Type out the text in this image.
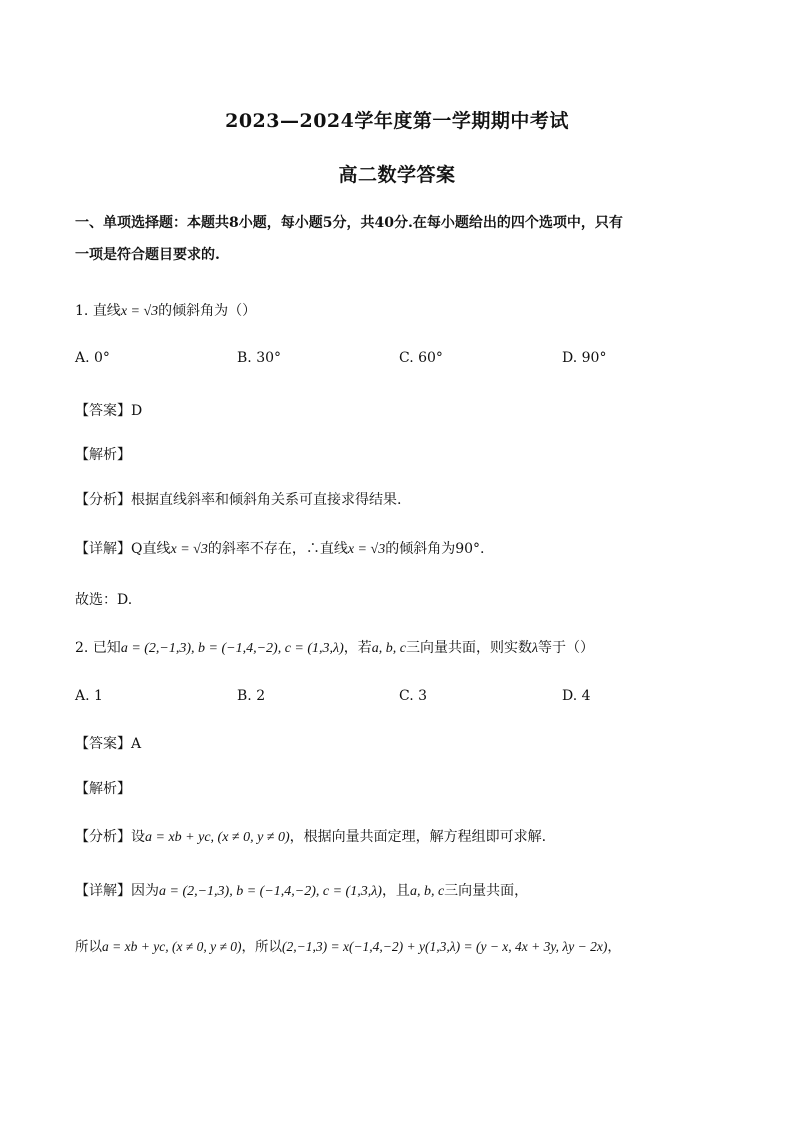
2023—2024学年度第一学期期中考试
高二数学答案
一、单项选择题：本题共8小题，每小题5分，共40分.在每小题给出的四个选项中，只有
一项是符合题目要求的.
1. 直线x = √3的倾斜角为（）
A. 0°	B. 30°	C. 60°	D. 90°
【答案】D
【解析】
【分析】根据直线斜率和倾斜角关系可直接求得结果.
【详解】Q直线x = √3的斜率不存在，∴直线x = √3的倾斜角为90°.
故选：D.
2. 已知a = (2,−1,3), b = (−1,4,−2), c = (1,3,λ)，若a, b, c三向量共面，则实数λ等于（）
A. 1	B. 2	C. 3	D. 4
【答案】A
【解析】
【分析】设a = xb + yc, (x ≠ 0, y ≠ 0)，根据向量共面定理，解方程组即可求解.
【详解】因为a = (2,−1,3), b = (−1,4,−2), c = (1,3,λ)，且a, b, c三向量共面，
所以a = xb + yc, (x ≠ 0, y ≠ 0)，所以(2,−1,3) = x(−1,4,−2) + y(1,3,λ) = (y − x, 4x + 3y, λy − 2x)，
